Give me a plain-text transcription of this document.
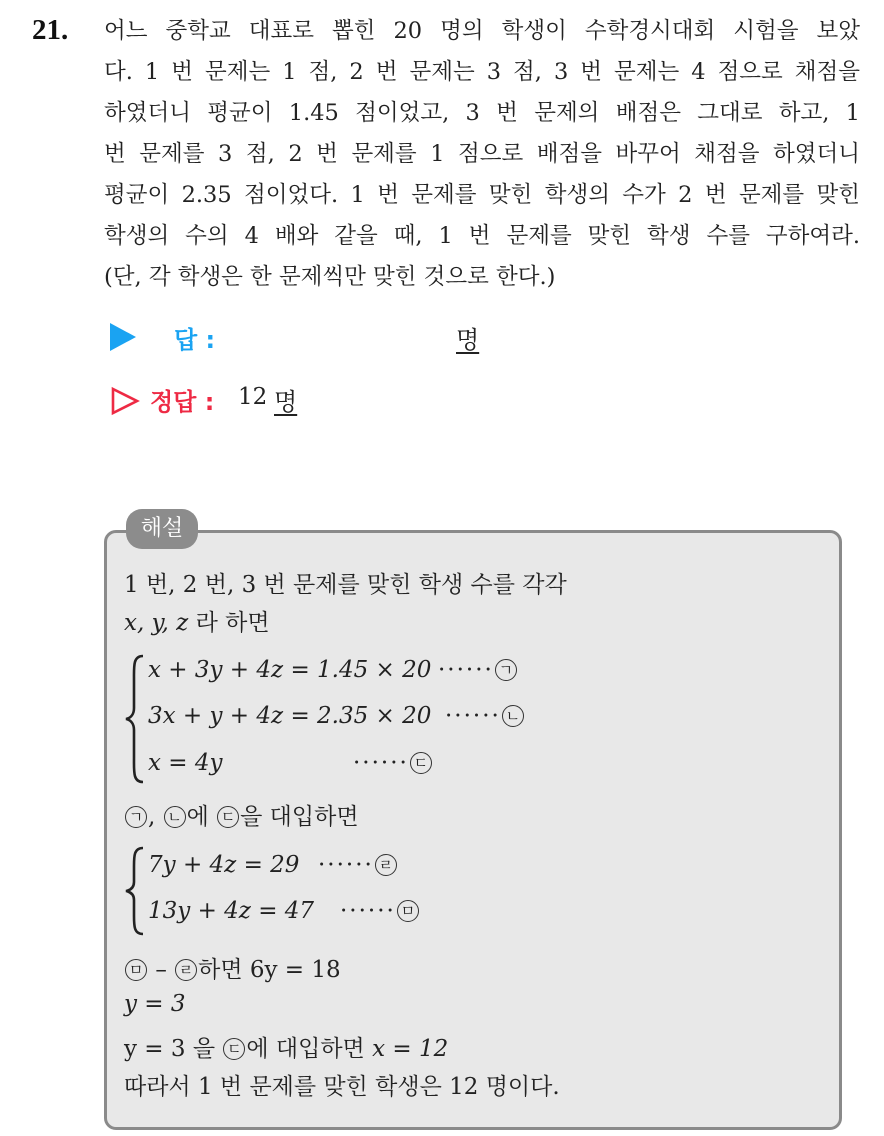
21. 어느 중학교 대표로 뽑힌 20 명의 학생이 수학경시대회 시험을 보았
다. 1 번 문제는 1 점, 2 번 문제는 3 점, 3 번 문제는 4 점으로 채점을
하였더니 평균이 1.45 점이었고, 3 번 문제의 배점은 그대로 하고, 1
번 문제를 3 점, 2 번 문제를 1 점으로 배점을 바꾸어 채점을 하였더니
평균이 2.35 점이었다. 1 번 문제를 맞힌 학생의 수가 2 번 문제를 맞힌
학생의 수의 4 배와 같을 때, 1 번 문제를 맞힌 학생 수를 구하여라.
(단, 각 학생은 한 문제씩만 맞힌 것으로 한다.)
답 :	명
정답 : 12 명
해설
1 번, 2 번, 3 번 문제를 맞힌 학생 수를 각각
x, y, z 라 하면
x + 3y + 4z = 1.45 × 20 ······ ㄱ
3x + y + 4z = 2.35 × 20 ······ ㄴ
x = 4y	······ ㄷ
ㄱ , ㄴ 에 ㄷ 을 대입하면
7y + 4z = 29 ······ ㄹ
13y + 4z = 47 ······ ㅁ
ㅁ – ㄹ 하면 6y = 18
y = 3
y = 3 을 ㄷ 에 대입하면 x = 12
따라서 1 번 문제를 맞힌 학생은 12 명이다.
